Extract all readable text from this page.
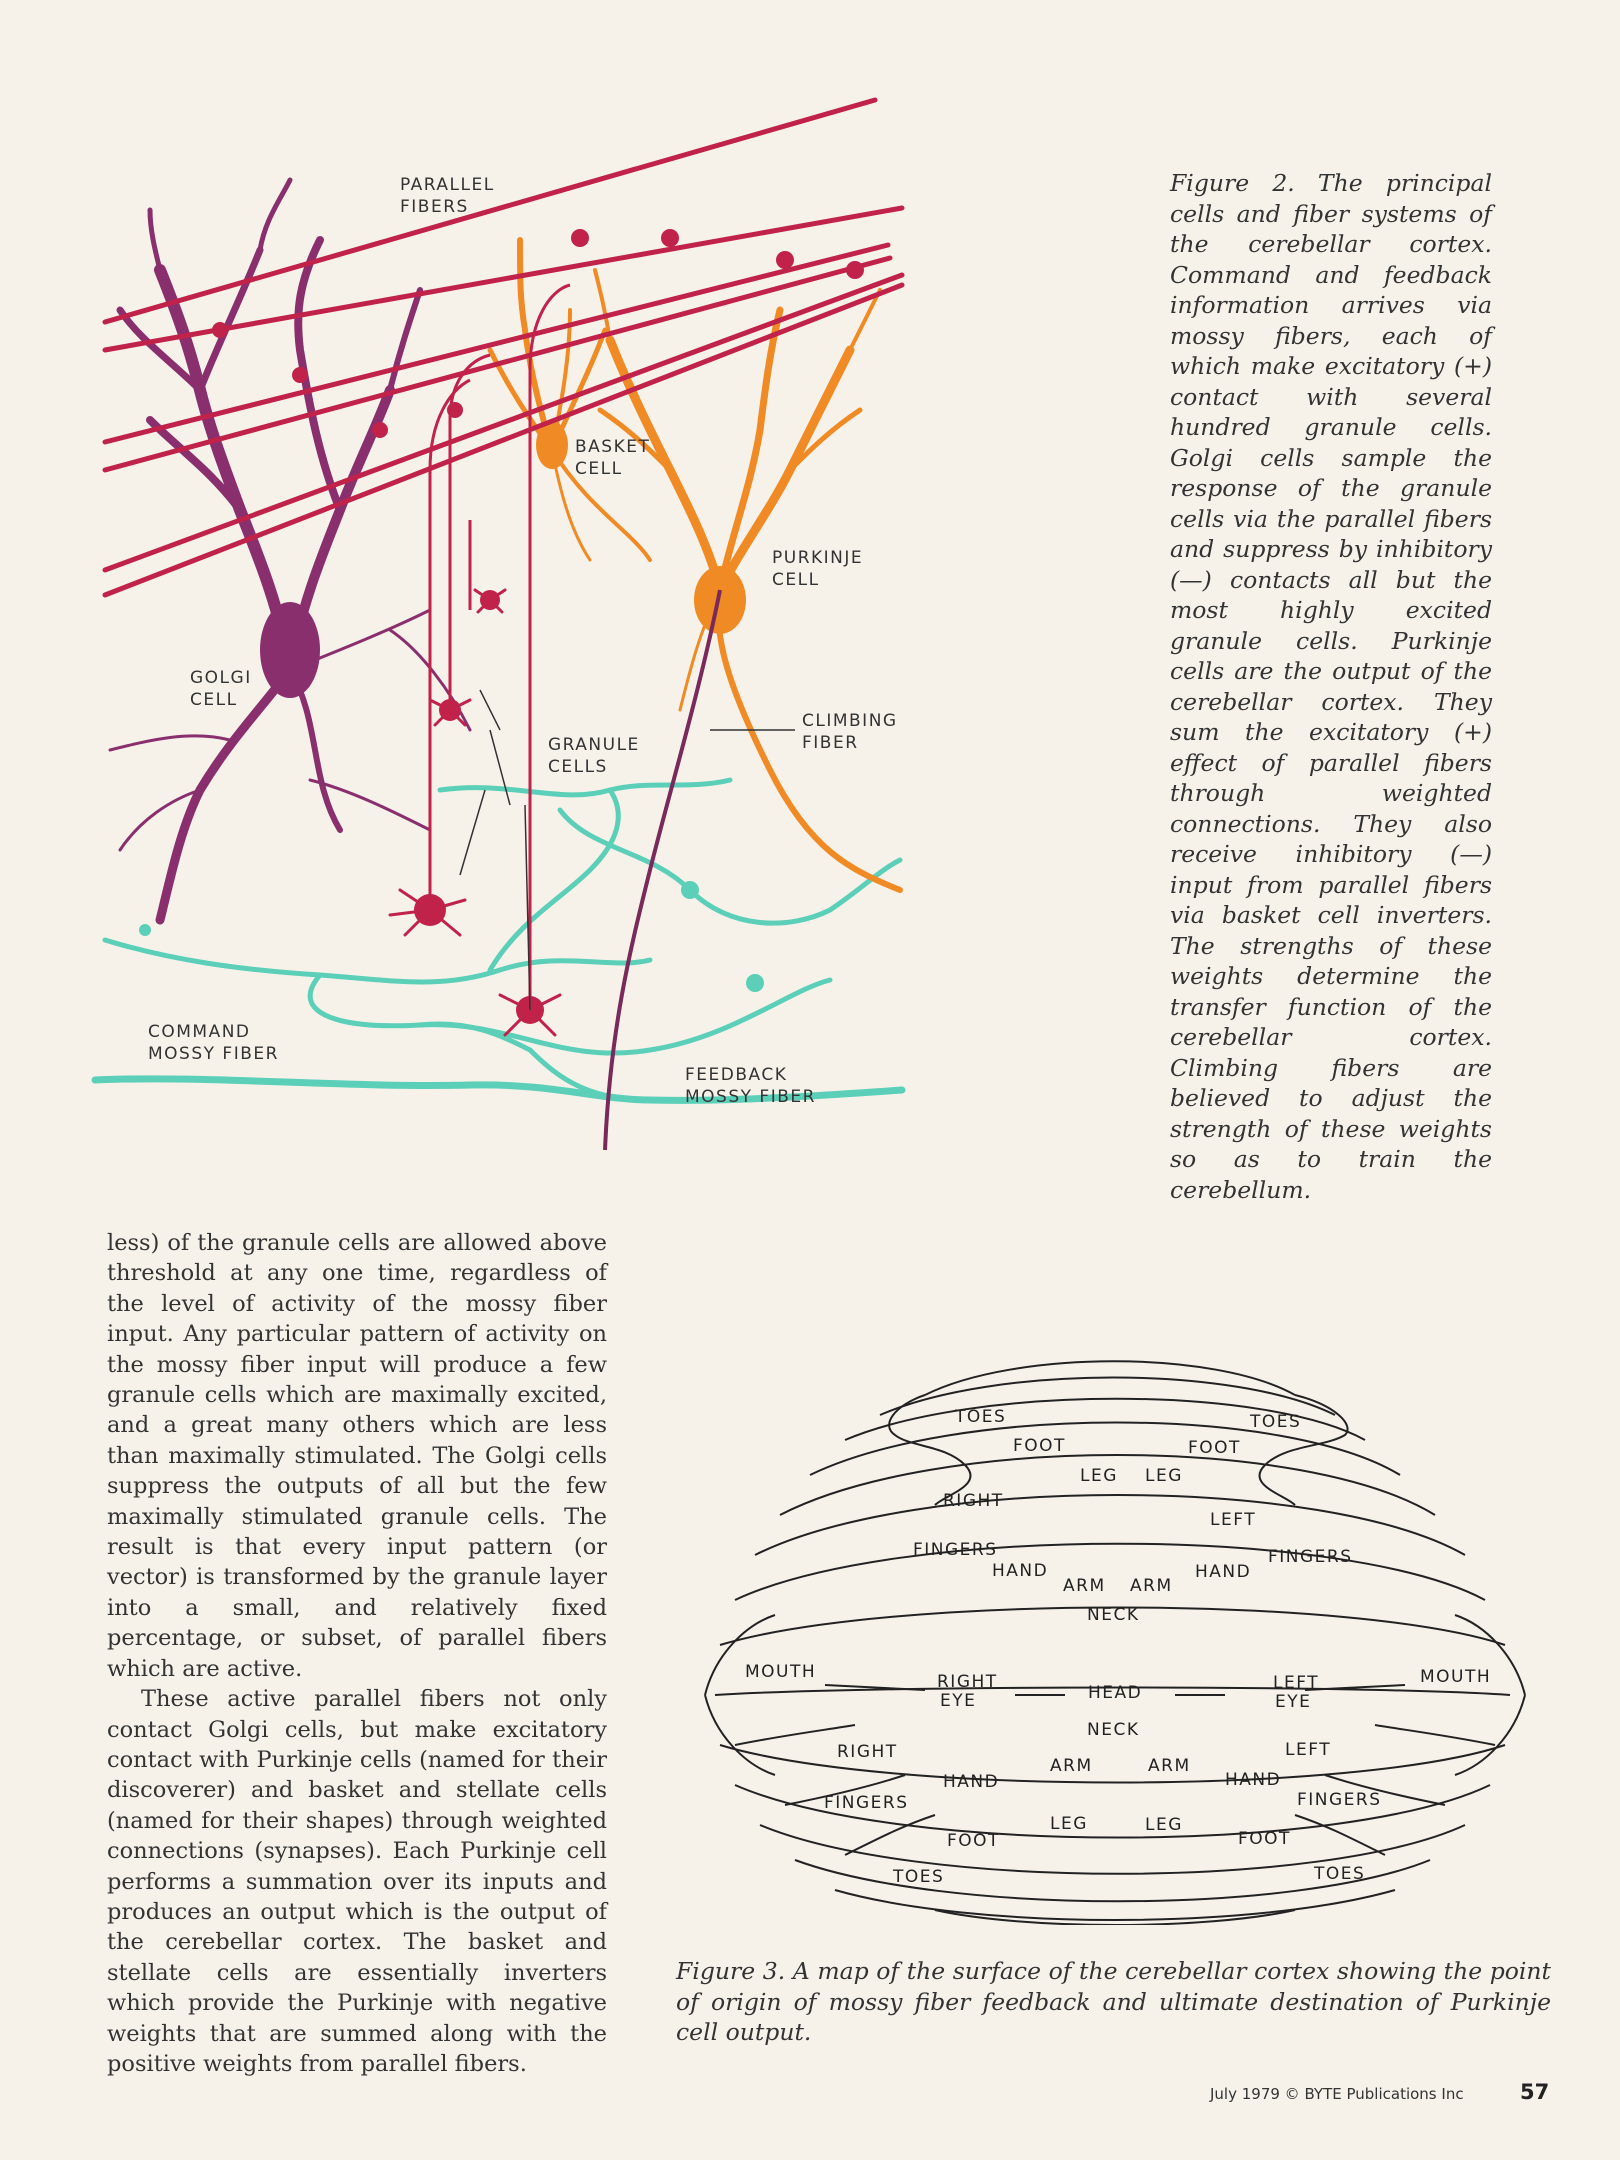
PARALLEL
FIBERS
BASKET
CELL
PURKINJE
CELL
GOLGI
CELL
GRANULE
CELLS
CLIMBING
FIBER
COMMAND
MOSSY FIBER
FEEDBACK
MOSSY FIBER
Figure 2. The principal cells and fiber systems of the cerebellar cortex. Command and feedback information arrives via mossy fibers, each of which make excitatory (+) contact with several hundred granule cells. Golgi cells sample the response of the granule cells via the parallel fibers and suppress by inhibitory (—) contacts all but the most highly excited granule cells. Purkinje cells are the output of the cerebellar cortex. They sum the excitatory (+) effect of parallel fibers through weighted connections. They also receive inhibitory (—) input from parallel fibers via basket cell inverters. The strengths of these weights determine the transfer function of the cerebellar cortex. Climbing fibers are believed to adjust the strength of these weights so as to train the cerebellum.

less) of the granule cells are allowed above threshold at any one time, regardless of the level of activity of the mossy fiber input. Any particular pattern of activity on the mossy fiber input will produce a few granule cells which are maximally excited, and a great many others which are less than maximally stimulated. The Golgi cells suppress the outputs of all but the few maximally stimulated granule cells. The result is that every input pattern (or vector) is transformed by the granule layer into a small, and relatively fixed percentage, or subset, of parallel fibers which are active.

These active parallel fibers not only contact Golgi cells, but make excitatory contact with Purkinje cells (named for their discoverer) and basket and stellate cells (named for their shapes) through weighted connections (synapses). Each Purkinje cell performs a summation over its inputs and produces an output which is the output of the cerebellar cortex. The basket and stellate cells are essentially inverters which provide the Purkinje with negative weights that are summed along with the positive weights from parallel fibers.

TOES	TOES
FOOT	FOOT
LEG LEG
RIGHT
LEFT
FINGERS	FINGERS
HAND	HAND
ARM ARM
NECK
MOUTH	MOUTH
RIGHT
EYE	HEAD	LEFT
EYE
NECK
RIGHT	LEFT
ARM	ARM
HAND	HAND
FINGERS	FINGERS
LEG	LEG
FOOT	FOOT
TOES	TOES
Figure 3. A map of the surface of the cerebellar cortex showing the point of origin of mossy fiber feedback and ultimate destination of Purkinje cell output.
July 1979 © BYTE Publications Inc	57
